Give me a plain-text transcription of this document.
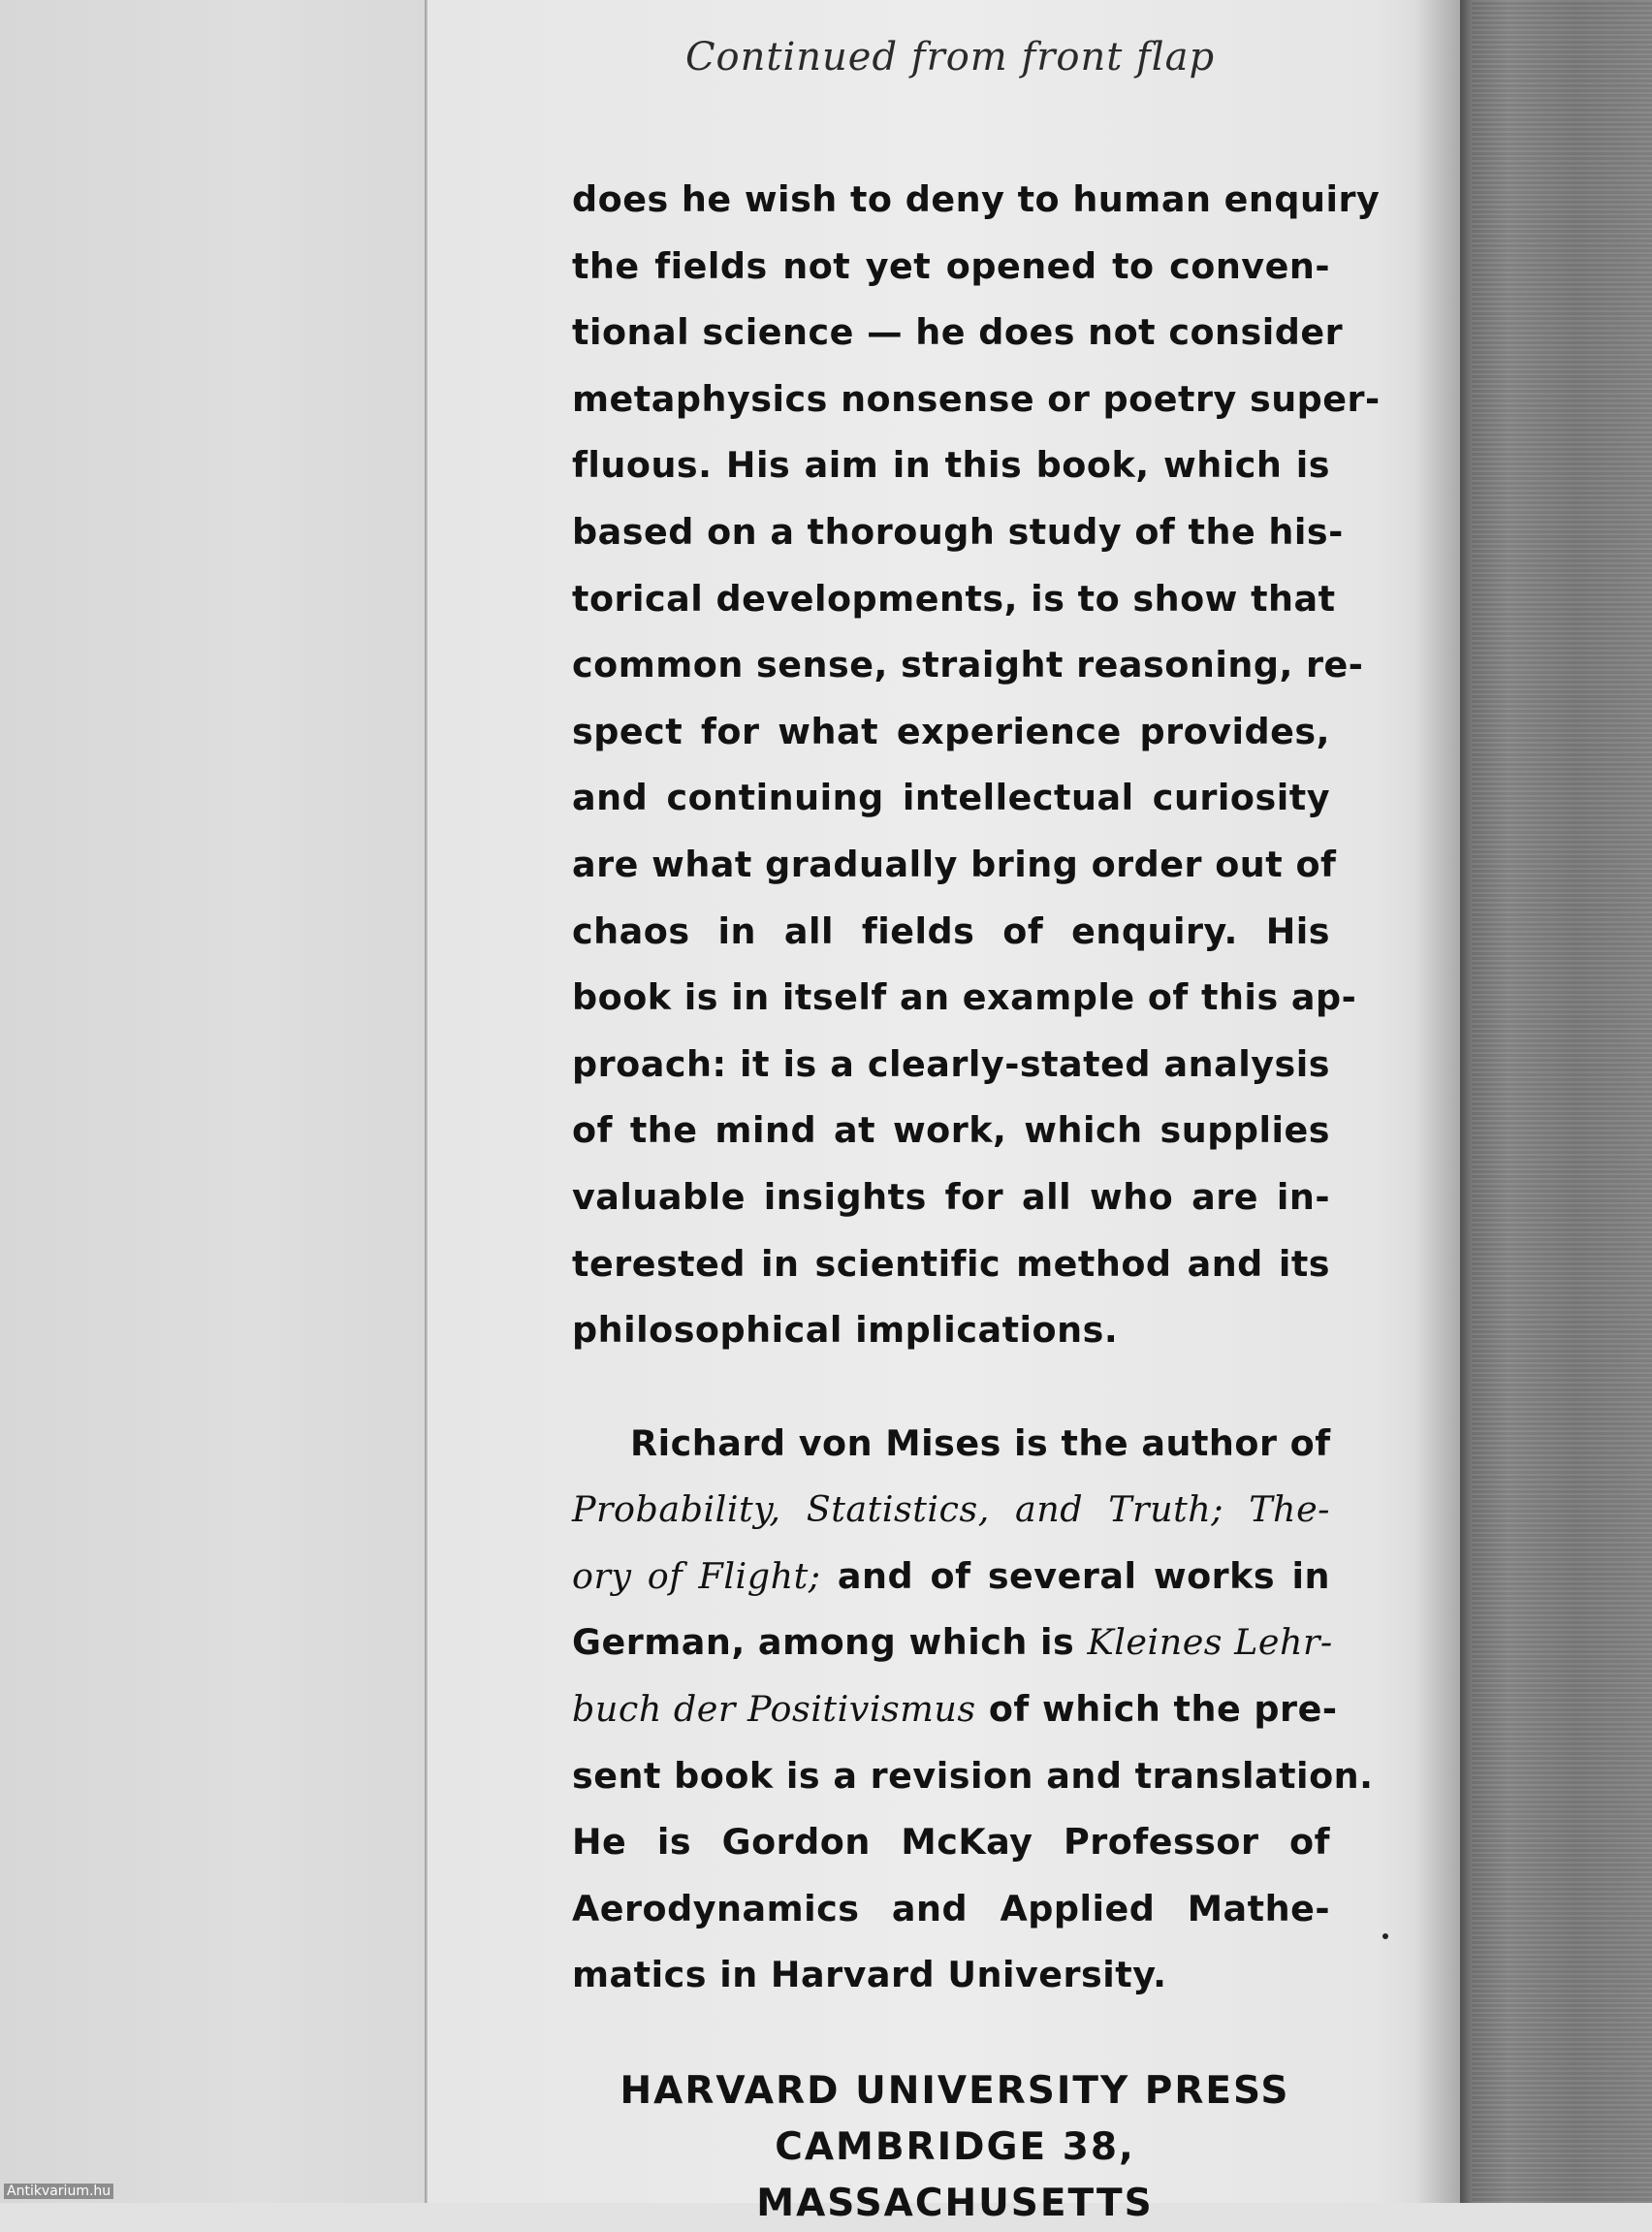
Continued from front flap
does he wish to deny to human enquiry
the fields not yet opened to conven-
tional science — he does not consider
metaphysics nonsense or poetry super-
fluous. His aim in this book, which is
based on a thorough study of the his-
torical developments, is to show that
common sense, straight reasoning, re-
spect for what experience provides,
and continuing intellectual curiosity
are what gradually bring order out of
chaos in all fields of enquiry. His
book is in itself an example of this ap-
proach: it is a clearly-stated analysis
of the mind at work, which supplies
valuable insights for all who are in-
terested in scientific method and its
philosophical implications.
Richard von Mises is the author of
Probability, Statistics, and Truth; The-
ory of Flight; and of several works in
German, among which is Kleines Lehr-
buch der Positivismus of which the pre-
sent book is a revision and translation.
He is Gordon McKay Professor of
Aerodynamics and Applied Mathe-
matics in Harvard University.
HARVARD UNIVERSITY PRESS
CAMBRIDGE 38, MASSACHUSETTS
Antikvarium.hu
